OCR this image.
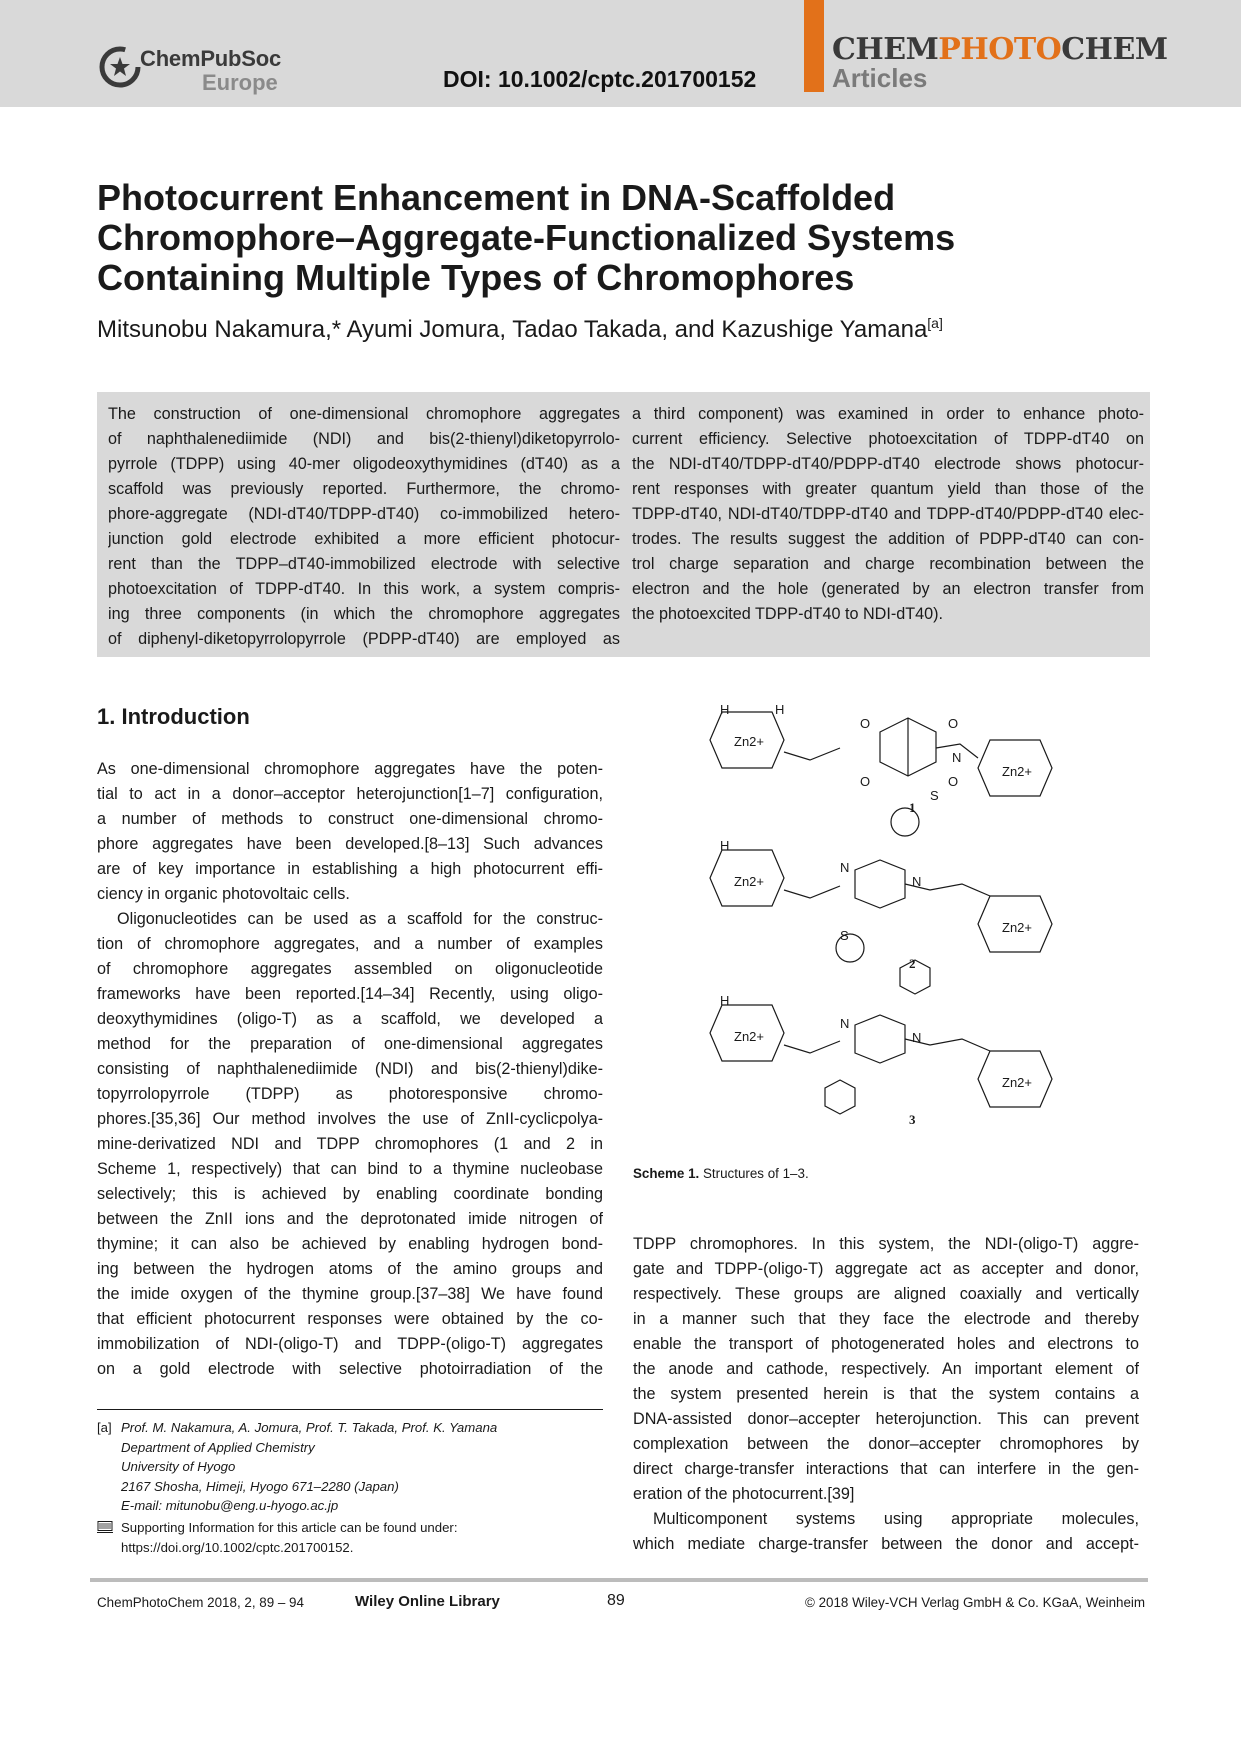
ChemPubSoc
Europe	DOI: 10.1002/cptc.201700152
CHEMPHOTOCHEM
Articles
Photocurrent Enhancement in DNA-Scaffolded
Chromophore–Aggregate-Functionalized Systems
Containing Multiple Types of Chromophores
Mitsunobu Nakamura,* Ayumi Jomura, Tadao Takada, and Kazushige Yamana[a]
The construction of one-dimensional chromophore aggregates
of naphthalenediimide (NDI) and bis(2-thienyl)diketopyrrolo-
pyrrole (TDPP) using 40-mer oligodeoxythymidines (dT40) as a
scaffold was previously reported. Furthermore, the chromo-
phore-aggregate (NDI-dT40/TDPP-dT40) co-immobilized hetero-
junction gold electrode exhibited a more efficient photocur-
rent than the TDPP–dT40-immobilized electrode with selective
photoexcitation of TDPP-dT40. In this work, a system compris-
ing three components (in which the chromophore aggregates
of diphenyl-diketopyrrolopyrrole (PDPP-dT40) are employed as
a third component) was examined in order to enhance photo-
current efficiency. Selective photoexcitation of TDPP-dT40 on
the NDI-dT40/TDPP-dT40/PDPP-dT40 electrode shows photocur-
rent responses with greater quantum yield than those of the
TDPP-dT40, NDI-dT40/TDPP-dT40 and TDPP-dT40/PDPP-dT40 elec-
trodes. The results suggest the addition of PDPP-dT40 can con-
trol charge separation and charge recombination between the
electron and the hole (generated by an electron transfer from
the photoexcited TDPP-dT40 to NDI-dT40).
1. Introduction
As one-dimensional chromophore aggregates have the poten-
tial to act in a donor–acceptor heterojunction[1–7] configuration,
a number of methods to construct one-dimensional chromo-
phore aggregates have been developed.[8–13] Such advances
are of key importance in establishing a high photocurrent effi-
ciency in organic photovoltaic cells.
Oligonucleotides can be used as a scaffold for the construc-
tion of chromophore aggregates, and a number of examples
of chromophore aggregates assembled on oligonucleotide
frameworks have been reported.[14–34] Recently, using oligo-
deoxythymidines (oligo-T) as a scaffold, we developed a
method for the preparation of one-dimensional aggregates
consisting of naphthalenediimide (NDI) and bis(2-thienyl)dike-
topyrrolopyrrole (TDPP) as photoresponsive chromo-
phores.[35,36] Our method involves the use of ZnII-cyclicpolya-
mine-derivatized NDI and TDPP chromophores (1 and 2 in
Scheme 1, respectively) that can bind to a thymine nucleobase
selectively; this is achieved by enabling coordinate bonding
between the ZnII ions and the deprotonated imide nitrogen of
thymine; it can also be achieved by enabling hydrogen bond-
ing between the hydrogen atoms of the amino groups and
the imide oxygen of the thymine group.[37–38] We have found
that efficient photocurrent responses were obtained by the co-
immobilization of NDI-(oligo-T) and TDPP-(oligo-T) aggregates
on a gold electrode with selective photoirradiation of the
[a] Prof. M. Nakamura, A. Jomura, Prof. T. Takada, Prof. K. Yamana
Department of Applied Chemistry
University of Hyogo
2167 Shosha, Himeji, Hyogo 671–2280 (Japan)
E-mail: mitunobu@eng.u-hyogo.ac.jp
Supporting Information for this article can be found under:
https://doi.org/10.1002/cptc.201700152.
H	H
Zn2+
O	O
N
O	O
Zn2+
1
H
Zn2+
N
N
S
S
Zn2+
2
H
Zn2+
N
N
Zn2+
3
Scheme 1. Structures of 1–3.
TDPP chromophores. In this system, the NDI-(oligo-T) aggre-
gate and TDPP-(oligo-T) aggregate act as accepter and donor,
respectively. These groups are aligned coaxially and vertically
in a manner such that they face the electrode and thereby
enable the transport of photogenerated holes and electrons to
the anode and cathode, respectively. An important element of
the system presented herein is that the system contains a
DNA-assisted donor–accepter heterojunction. This can prevent
complexation between the donor–accepter chromophores by
direct charge-transfer interactions that can interfere in the gen-
eration of the photocurrent.[39]
Multicomponent systems using appropriate molecules,
which mediate charge-transfer between the donor and accept-
ChemPhotoChem 2018, 2, 89 – 94	Wiley Online Library	89	© 2018 Wiley-VCH Verlag GmbH & Co. KGaA, Weinheim
